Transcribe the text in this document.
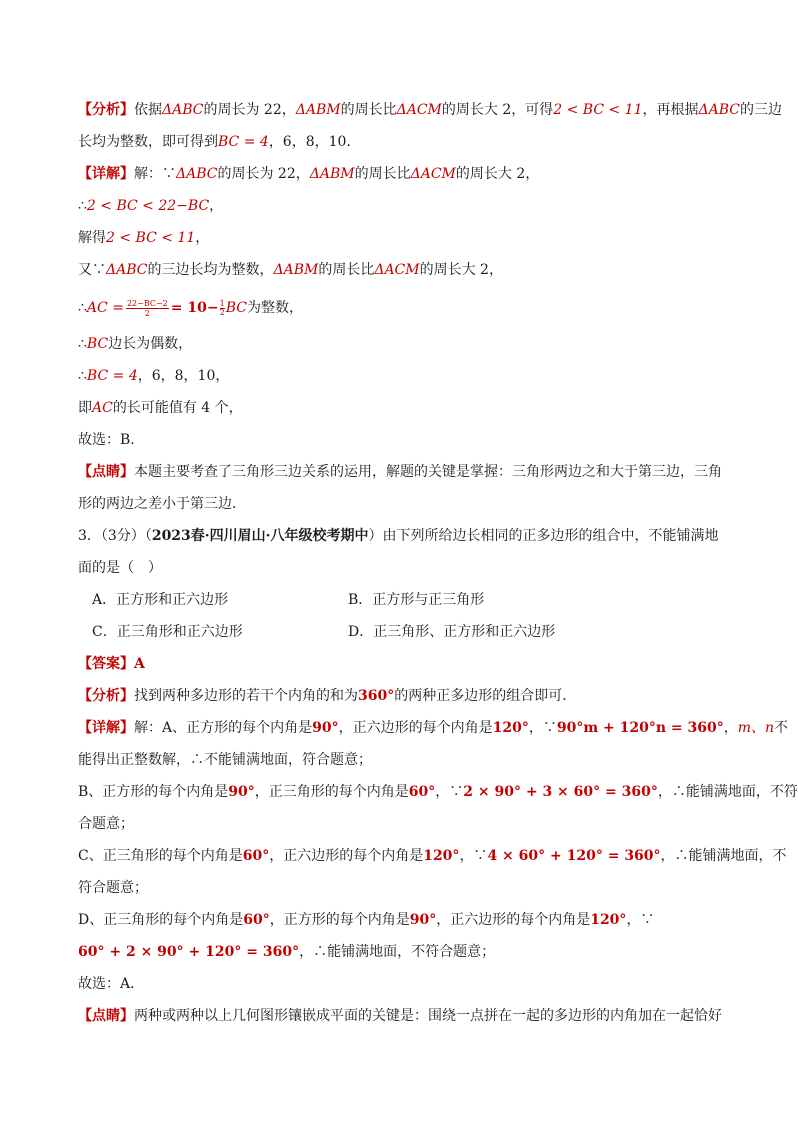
【分析】依据ΔABC的周长为 22，ΔABM的周长比ΔACM的周长大 2，可得2 < BC < 11，再根据ΔABC的三边
长均为整数，即可得到BC = 4，6，8，10．
【详解】解：∵ΔABC的周长为 22，ΔABM的周长比ΔACM的周长大 2，
∴2 < BC < 22−BC，
解得2 < BC < 11，
又∵ΔABC的三边长均为整数，ΔABM的周长比ΔACM的周长大 2，
∴AC = $\frac{22-BC-2}{2} = 10- \frac{1}{2}$ BC为整数，
∴BC边长为偶数，
∴BC = 4，6，8，10，
即AC的长可能值有 4 个，
故选：B．
【点睛】本题主要考查了三角形三边关系的运用，解题的关键是掌握：三角形两边之和大于第三边，三角
形的两边之差小于第三边．
3．（3分）（2023春·四川眉山·八年级校考期中）由下列所给边长相同的正多边形的组合中，不能铺满地
面的是（　）
A．正方形和正六边形	B．正方形与正三角形
C．正三角形和正六边形	D．正三角形、正方形和正六边形
【答案】A
【分析】找到两种多边形的若干个内角的和为360°的两种正多边形的组合即可．
【详解】解：A、正方形的每个内角是90°，正六边形的每个内角是120°，∵90°m + 120°n = 360°，m、n不
能得出正整数解，∴不能铺满地面，符合题意；
B、正方形的每个内角是90°，正三角形的每个内角是60°，∵2 × 90° + 3 × 60° = 360°，∴能铺满地面，不符
合题意；
C、正三角形的每个内角是60°，正六边形的每个内角是120°，∵4 × 60° + 120° = 360°，∴能铺满地面，不
符合题意；
D、正三角形的每个内角是60°，正方形的每个内角是90°，正六边形的每个内角是120°，∵
60° + 2 × 90° + 120° = 360°，∴能铺满地面，不符合题意；
故选：A．
【点睛】两种或两种以上几何图形镶嵌成平面的关键是：围绕一点拼在一起的多边形的内角加在一起恰好
